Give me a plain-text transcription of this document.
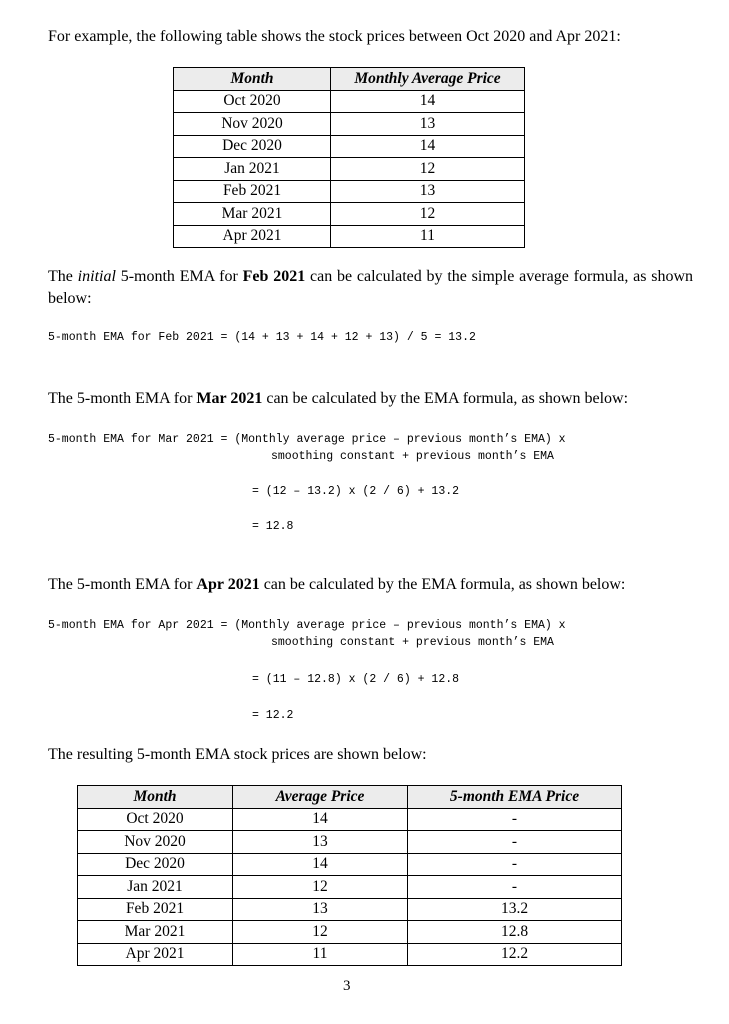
For example, the following table shows the stock prices between Oct 2020 and Apr 2021:
Month	Monthly Average Price
Oct 2020	14
Nov 2020	13
Dec 2020	14
Jan 2021	12
Feb 2021	13
Mar 2021	12
Apr 2021	11
The initial 5-month EMA for Feb 2021 can be calculated by the simple average formula, as shown below:
5-month EMA for Feb 2021 = (14 + 13 + 14 + 12 + 13) / 5 = 13.2
The 5-month EMA for Mar 2021 can be calculated by the EMA formula, as shown below:
5-month EMA for Mar 2021 = (Monthly average price – previous month’s EMA) x
smoothing constant + previous month’s EMA
= (12 – 13.2) x (2 / 6) + 13.2
= 12.8
The 5-month EMA for Apr 2021 can be calculated by the EMA formula, as shown below:
5-month EMA for Apr 2021 = (Monthly average price – previous month’s EMA) x
smoothing constant + previous month’s EMA
= (11 – 12.8) x (2 / 6) + 12.8
= 12.2
The resulting 5-month EMA stock prices are shown below:
Month	Average Price	5-month EMA Price
Oct 2020	14	-
Nov 2020	13	-
Dec 2020	14	-
Jan 2021	12	-
Feb 2021	13	13.2
Mar 2021	12	12.8
Apr 2021	11	12.2
3
